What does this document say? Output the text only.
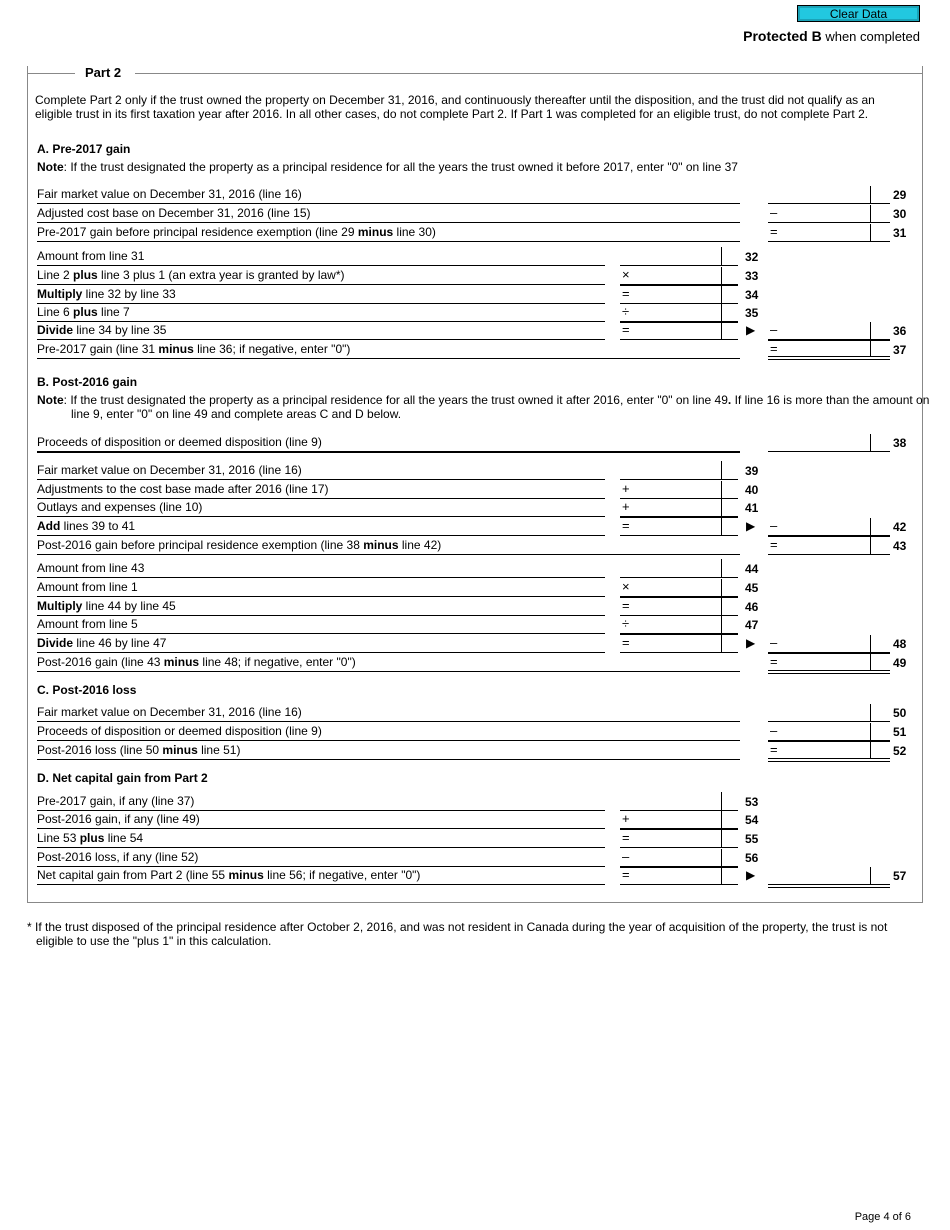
Clear Data
Protected B when completed
Part 2
Complete Part 2 only if the trust owned the property on December 31, 2016, and continuously thereafter until the disposition, and the trust did not qualify as an eligible trust in its first taxation year after 2016. In all other cases, do not complete Part 2. If Part 1 was completed for an eligible trust, do not complete Part 2.
A. Pre-2017 gain
Note: If the trust designated the property as a principal residence for all the years the trust owned it before 2017, enter "0" on line 37
Fair market value on December 31, 2016 (line 16)	29
Adjusted cost base on December 31, 2016 (line 15)	–	30
Pre-2017 gain before principal residence exemption (line 29 minus line 30)	=	31
Amount from line 31	32
Line 2 plus line 3 plus 1 (an extra year is granted by law*)	×	33
Multiply line 32 by line 33	=	34
Line 6 plus line 7	÷	35
Divide line 34 by line 35	=	▶ –	36
Pre-2017 gain (line 31 minus line 36; if negative, enter "0")	=	37
B. Post-2016 gain
Note: If the trust designated the property as a principal residence for all the years the trust owned it after 2016, enter "0" on line 49. If line 16 is more than the amount on line 9, enter "0" on line 49 and complete areas C and D below.
Proceeds of disposition or deemed disposition (line 9)	38
Fair market value on December 31, 2016 (line 16)	39
Adjustments to the cost base made after 2016 (line 17)	+	40
Outlays and expenses (line 10)	+	41
Add lines 39 to 41	=	▶ –	42
Post-2016 gain before principal residence exemption (line 38 minus line 42)	=	43
Amount from line 43	44
Amount from line 1	×	45
Multiply line 44 by line 45	=	46
Amount from line 5	÷	47
Divide line 46 by line 47	=	▶ –	48
Post-2016 gain (line 43 minus line 48; if negative, enter "0")	=	49
C. Post-2016 loss
Fair market value on December 31, 2016 (line 16)	50
Proceeds of disposition or deemed disposition (line 9)	–	51
Post-2016 loss (line 50 minus line 51)	=	52
D. Net capital gain from Part 2
Pre-2017 gain, if any (line 37)	53
Post-2016 gain, if any (line 49)	+	54
Line 53 plus line 54	=	55
Post-2016 loss, if any (line 52)	–	56
Net capital gain from Part 2 (line 55 minus line 56; if negative, enter "0")	=	▶	57
* If the trust disposed of the principal residence after October 2, 2016, and was not resident in Canada during the year of acquisition of the property, the trust is not eligible to use the "plus 1" in this calculation.
Page 4 of 6
